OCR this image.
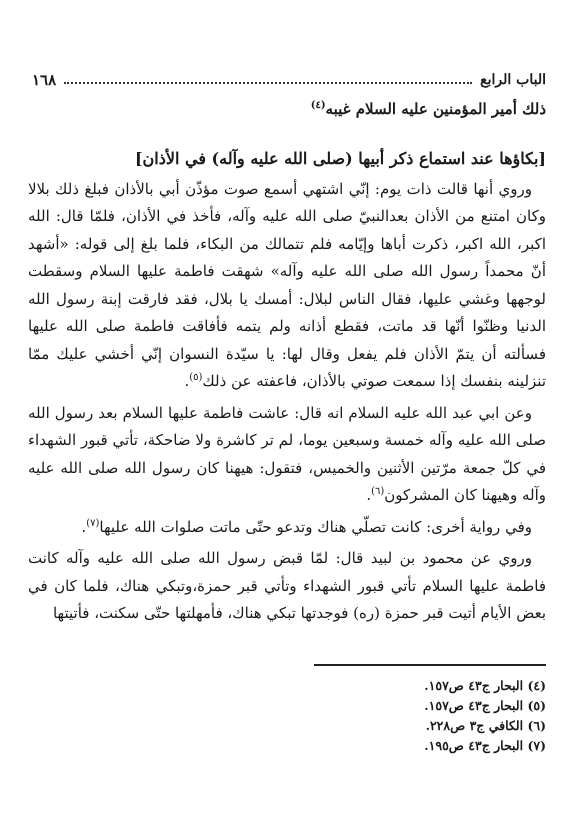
الباب الرابع
١٦٨

ذلك أمير المؤمنين عليه السلام غيبه$^{(٤)}$

[بكاؤها عند استماع ذكر أبيها (صلى الله عليه وآله) في الأذان]

وروي أنها قالت ذات يوم: إنّي اشتهي أسمع صوت مؤذّن أبي بالأذان فبلغ ذلك بلالا وكان امتنع من الأذان بعدالنبيّ صلى الله عليه وآله، فأخذ في الأذان، فلمّا قال: الله اكبر، الله اكبر، ذكرت أباها وإيّامه فلم تتمالك من البكاء، فلما بلغ إلى قوله: «أشهد أنّ محمداً رسول الله صلى الله عليه وآله» شهقت فاطمة عليها السلام وسقطت لوجهها وغشي عليها، فقال الناس لبلال: أمسك يا بلال، فقد فارقت إبنة رسول الله الدنيا وظنّوا أنّها قد ماتت، فقطع أذانه ولم يتمه فأفاقت فاطمة صلى الله عليها فسألته أن يتمّ الأذان فلم يفعل وقال لها: يا سيّدة النسوان إنّي أخشي عليك ممّا تنزلينه بنفسك إذا سمعت صوتي بالأذان، فاعفته عن ذلك$^{(٥)}$.

وعن ابي عبد الله عليه السلام انه قال: عاشت فاطمة عليها السلام بعد رسول الله صلى الله عليه وآله خمسة وسبعين يوما، لم تر كاشرة ولا ضاحكة، تأتي قبور الشهداء في كلّ جمعة مرّتين الأثنين والخميس، فتقول: هيهنا كان رسول الله صلى الله عليه وآله وهيهنا كان المشركون$^{(٦)}$.

وفي رواية أخرى: كانت تصلّي هناك وتدعو حتّى ماتت صلوات الله عليها$^{(٧)}$.

وروي عن محمود بن لبيد قال: لمّا قبض رسول الله صلى الله عليه وآله كانت فاطمة عليها السلام تأتي قبور الشهداء وتأتي قبر حمزة،وتبكي هناك، فلما كان في بعض الأيام أتيت قبر حمزة (ره) فوجدتها تبكي هناك، فأمهلتها حتّى سكنت، فأتيتها

(٤) البحار ج٤٣ ص١٥٧.
(٥) البحار ج٤٣ ص١٥٧.
(٦) الكافي ج٣ ص٢٢٨.
(٧) البحار ج٤٣ ص١٩٥.
